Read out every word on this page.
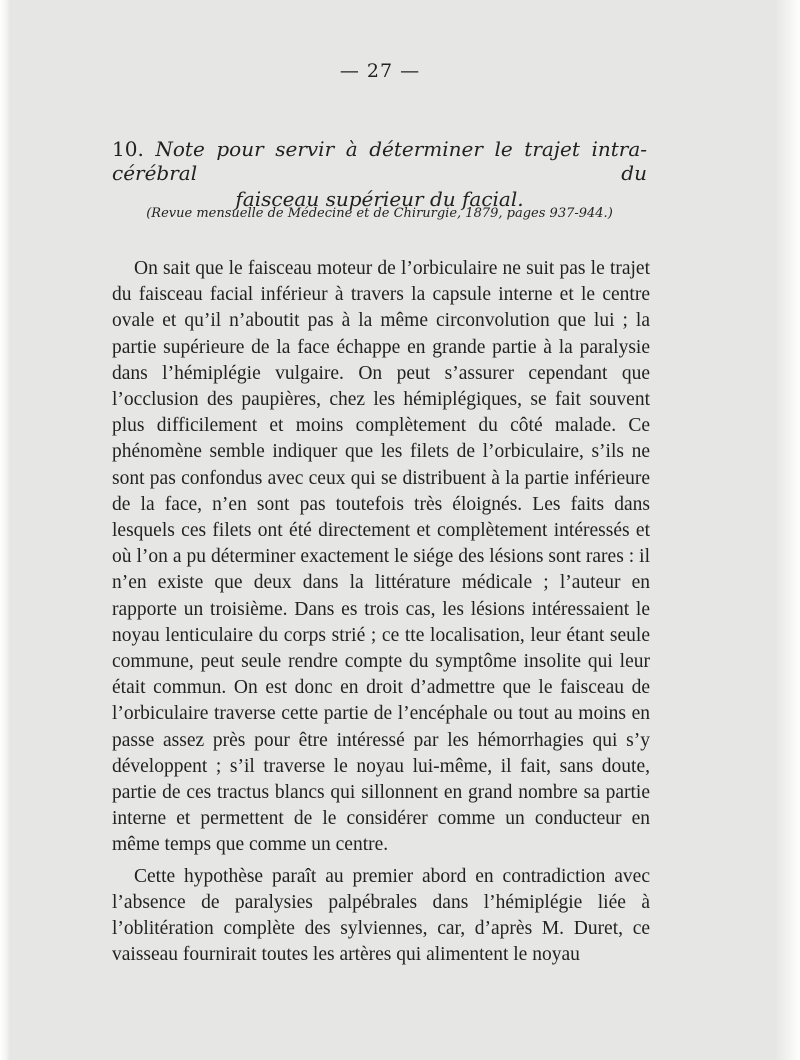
— 27 —
10. Note pour servir à déterminer le trajet intra-cérébral du
faisceau supérieur du facial.
(Revue mensuelle de Médecine et de Chirurgie, 1879, pages 937-944.)

On sait que le faisceau moteur de l’orbiculaire ne suit pas le trajet du faisceau facial inférieur à travers la capsule interne et le centre ovale et qu’il n’aboutit pas à la même circonvolution que lui ; la partie supérieure de la face échappe en grande partie à la paralysie dans l’hémiplégie vulgaire. On peut s’assurer cependant que l’occlusion des paupières, chez les hémiplégiques, se fait souvent plus difficilement et moins complètement du côté malade. Ce phénomène semble indiquer que les filets de l’orbiculaire, s’ils ne sont pas confondus avec ceux qui se distribuent à la partie inférieure de la face, n’en sont pas toutefois très éloignés. Les faits dans lesquels ces filets ont été directement et complètement intéressés et où l’on a pu déterminer exactement le siége des lésions sont rares : il n’en existe que deux dans la littérature médicale ; l’auteur en rapporte un troisième. Dans es trois cas, les lésions intéressaient le noyau lenticulaire du corps strié ; ce tte localisation, leur étant seule commune, peut seule rendre compte du symptôme insolite qui leur était commun. On est donc en droit d’admettre que le faisceau de l’orbiculaire traverse cette partie de l’encéphale ou tout au moins en passe assez près pour être intéressé par les hémorrhagies qui s’y développent ; s’il traverse le noyau lui-même, il fait, sans doute, partie de ces tractus blancs qui sillonnent en grand nombre sa partie interne et permettent de le considérer comme un conducteur en même temps que comme un centre.

Cette hypothèse paraît au premier abord en contradiction avec l’absence de paralysies palpébrales dans l’hémiplégie liée à l’oblitération complète des sylviennes, car, d’après M. Duret, ce vaisseau fournirait toutes les artères qui alimentent le noyau
